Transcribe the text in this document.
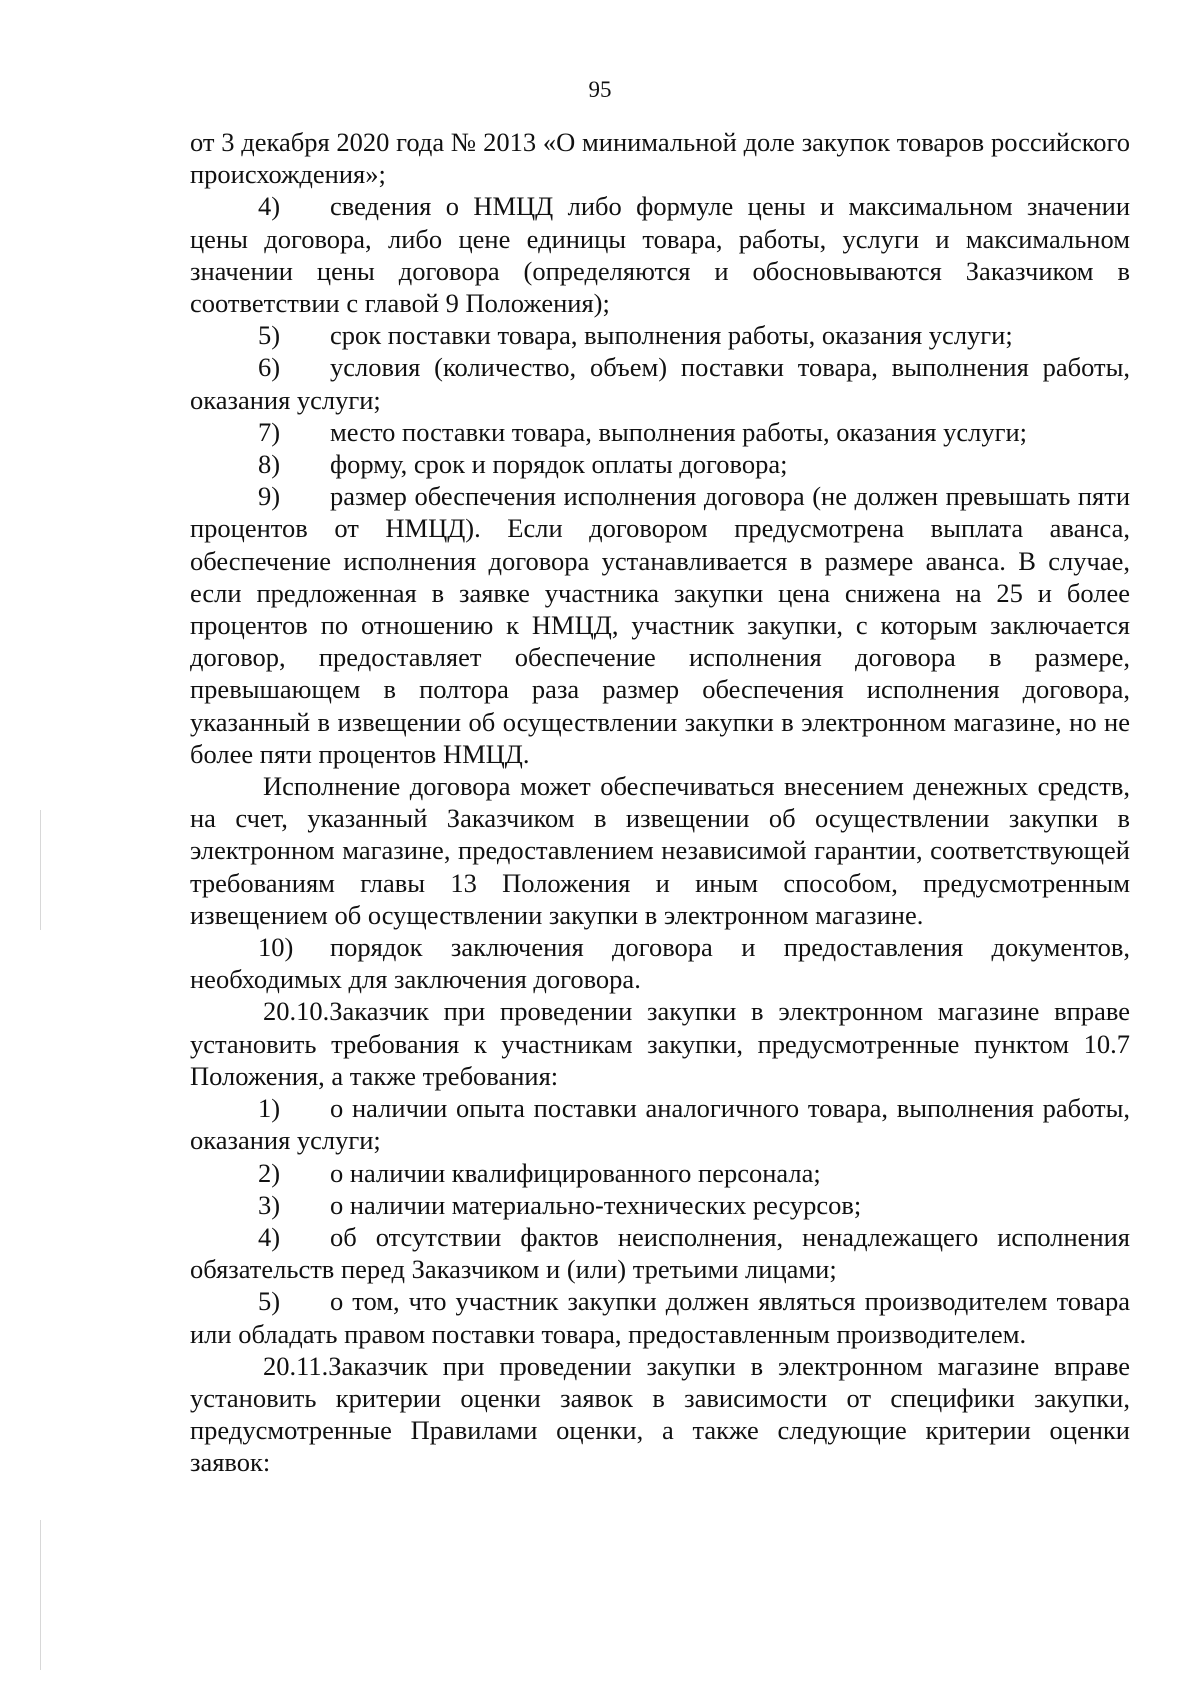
95

от 3 декабря 2020 года № 2013 «О минимальной доле закупок товаров российского происхождения»;

4) сведения о НМЦД либо формуле цены и максимальном значении цены договора, либо цене единицы товара, работы, услуги и максимальном значении цены договора (определяются и обосновываются Заказчиком в соответствии с главой 9 Положения);

5) срок поставки товара, выполнения работы, оказания услуги;

6) условия (количество, объем) поставки товара, выполнения работы, оказания услуги;

7) место поставки товара, выполнения работы, оказания услуги;

8) форму, срок и порядок оплаты договора;

9) размер обеспечения исполнения договора (не должен превышать пяти процентов от НМЦД). Если договором предусмотрена выплата аванса, обеспечение исполнения договора устанавливается в размере аванса. В случае, если предложенная в заявке участника закупки цена снижена на 25 и более процентов по отношению к НМЦД, участник закупки, с которым заключается договор, предоставляет обеспечение исполнения договора в размере, превышающем в полтора раза размер обеспечения исполнения договора, указанный в извещении об осуществлении закупки в электронном магазине, но не более пяти процентов НМЦД.

Исполнение договора может обеспечиваться внесением денежных средств, на счет, указанный Заказчиком в извещении об осуществлении закупки в электронном магазине, предоставлением независимой гарантии, соответствующей требованиям главы 13 Положения и иным способом, предусмотренным извещением об осуществлении закупки в электронном магазине.

10) порядок заключения договора и предоставления документов, необходимых для заключения договора.

20.10.Заказчик при проведении закупки в электронном магазине вправе установить требования к участникам закупки, предусмотренные пунктом 10.7 Положения, а также требования:

1) о наличии опыта поставки аналогичного товара, выполнения работы, оказания услуги;

2) о наличии квалифицированного персонала;

3) о наличии материально-технических ресурсов;

4) об отсутствии фактов неисполнения, ненадлежащего исполнения обязательств перед Заказчиком и (или) третьими лицами;

5) о том, что участник закупки должен являться производителем товара или обладать правом поставки товара, предоставленным производителем.

20.11.Заказчик при проведении закупки в электронном магазине вправе установить критерии оценки заявок в зависимости от специфики закупки, предусмотренные Правилами оценки, а также следующие критерии оценки заявок:
